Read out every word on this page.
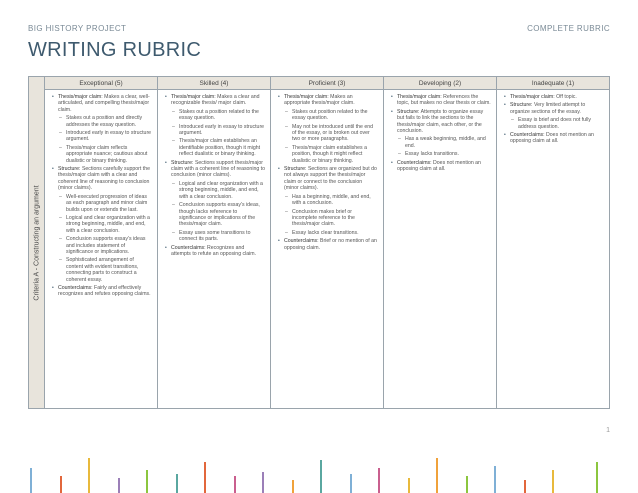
BIG HISTORY PROJECT
WRITING RUBRIC
COMPLETE RUBRIC
Criteria A - Constructing an argument
Exceptional (5)
• Thesis/major claim: Makes a clear, well-articulated, and compelling thesis/major claim.
– Stakes out a position and directly addresses the essay question.
– Introduced early in essay to structure argument.
– Thesis/major claim reflects appropriate nuance; cautious about dualistic or binary thinking.
• Structure: Sections carefully support the thesis/major claim with a clear and coherent line of reasoning to conclusion (minor claims).
– Well-executed progression of ideas as each paragraph and minor claim builds upon or extends the last.
– Logical and clear organization with a strong beginning, middle, and end, with a clear conclusion.
– Conclusion supports essay's ideas and includes statement of significance or implications.
– Sophisticated arrangement of content with evident transitions, connecting parts to construct a coherent essay.
• Counterclaims: Fairly and effectively recognizes and refutes opposing claims.
Skilled (4)
• Thesis/major claim: Makes a clear and recognizable thesis/ major claim.
– Stakes out a position related to the essay question.
– Introduced early in essay to structure argument.
– Thesis/major claim establishes an identifiable position, though it might reflect dualistic or binary thinking.
• Structure: Sections support thesis/major claim with a coherent line of reasoning to conclusion (minor claims).
– Logical and clear organization with a strong beginning, middle, and end, with a clear conclusion.
– Conclusion supports essay's ideas, though lacks reference to significance or implications of the thesis/major claim.
– Essay uses some transitions to connect its parts.
• Counterclaims: Recognizes and attempts to refute an opposing claim.
Proficient (3)
• Thesis/major claim: Makes an appropriate thesis/major claim.
– Stakes out position related to the essay question.
– May not be introduced until the end of the essay, or is broken out over two or more paragraphs.
– Thesis/major claim establishes a position, though it might reflect dualistic or binary thinking.
• Structure: Sections are organized but do not always support the thesis/major claim or connect to the conclusion (minor claims).
– Has a beginning, middle, and end, with a conclusion.
– Conclusion makes brief or incomplete reference to the thesis/major claim.
– Essay lacks clear transitions.
• Counterclaims: Brief or no mention of an opposing claim.
Developing (2)
• Thesis/major claim: References the topic, but makes no clear thesis or claim.
• Structure: Attempts to organize essay but fails to link the sections to the thesis/major claim, each other, or the conclusion.
– Has a weak beginning, middle, and end.
– Essay lacks transitions.
• Counterclaims: Does not mention an opposing claim at all.
Inadequate (1)
• Thesis/major claim: Off topic.
• Structure: Very limited attempt to organize sections of the essay.
– Essay is brief and does not fully address question.
• Counterclaims: Does not mention an opposing claim at all.
1
